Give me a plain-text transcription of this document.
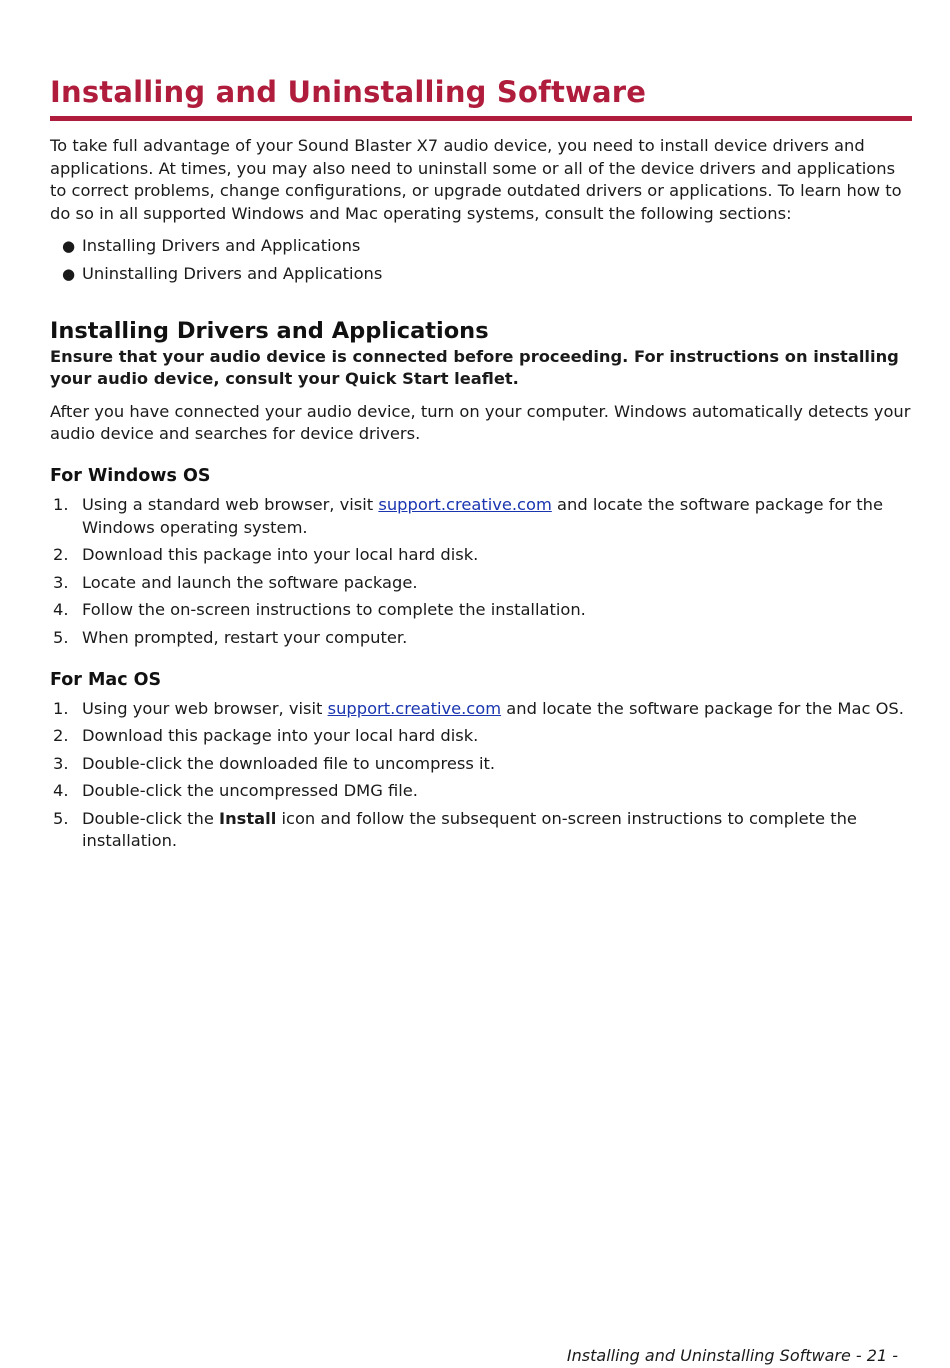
Installing and Uninstalling Software

To take full advantage of your Sound Blaster X7 audio device, you need to install device drivers and applications. At times, you may also need to uninstall some or all of the device drivers and applications to correct problems, change configurations, or upgrade outdated drivers or applications. To learn how to do so in all supported Windows and Mac operating systems, consult the following sections:

● Installing Drivers and Applications
● Uninstalling Drivers and Applications
Installing Drivers and Applications

Ensure that your audio device is connected before proceeding. For instructions on installing your audio device, consult your Quick Start leaflet.

After you have connected your audio device, turn on your computer. Windows automatically detects your audio device and searches for device drivers.

For Windows OS
1. Using a standard web browser, visit support.creative.com and locate the software package for the Windows operating system.
2. Download this package into your local hard disk.
3. Locate and launch the software package.
4. Follow the on-screen instructions to complete the installation.
5. When prompted, restart your computer.
For Mac OS
1. Using your web browser, visit support.creative.com and locate the software package for the Mac OS.
2. Download this package into your local hard disk.
3. Double-click the downloaded file to uncompress it.
4. Double-click the uncompressed DMG file.
5. Double-click the Install icon and follow the subsequent on-screen instructions to complete the installation.
Installing and Uninstalling Software - 21 -
